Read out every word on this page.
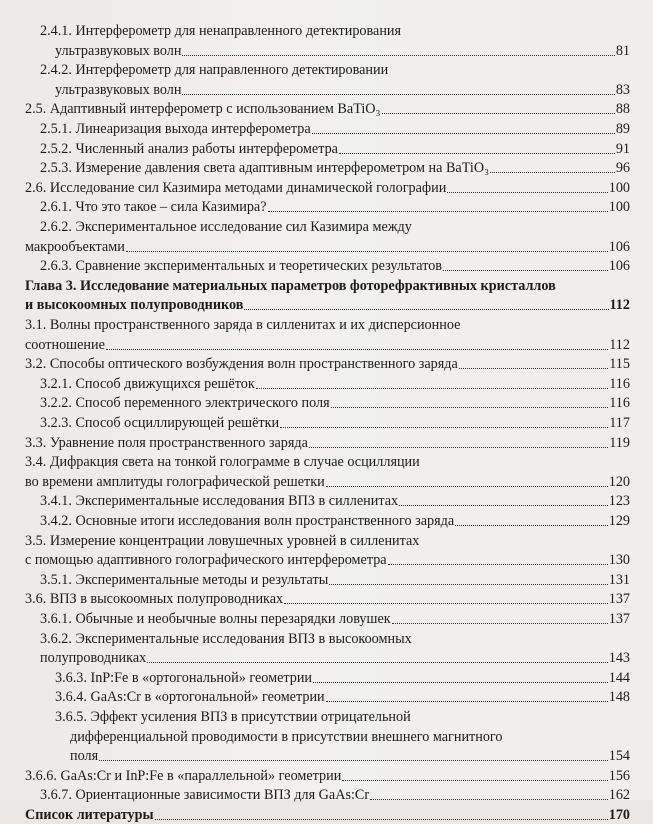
2.4.1. Интерферометр для ненаправленного детектирования
ультразвуковых волн	81
2.4.2. Интерферометр для направленного детектировании
ультразвуковых волн	83
2.5. Адаптивный интерферометр с использованием BaTiO₃	88
2.5.1. Линеаризация выхода интерферометра	89
2.5.2. Численный анализ работы интерферометра	91
2.5.3. Измерение давления света адаптивным интерферометром на BaTiO₃	96
2.6. Исследование сил Казимира методами динамической голографии	100
2.6.1. Что это такое – сила Казимира?	100
2.6.2. Экспериментальное исследование сил Казимира между
макрообъектами	106
2.6.3. Сравнение экспериментальных и теоретических результатов	106
Глава 3. Исследование материальных параметров фоторефрактивных кристаллов
и высокоомных полупроводников	112
3.1. Волны пространственного заряда в силленитах и их дисперсионное
соотношение	112
3.2. Способы оптического возбуждения волн пространственного заряда	115
3.2.1. Способ движущихся решёток	116
3.2.2. Способ переменного электрического поля	116
3.2.3. Способ осциллирующей решётки	117
3.3. Уравнение поля пространственного заряда	119
3.4. Дифракция света на тонкой голограмме в случае осцилляции
во времени амплитуды голографической решетки	120
3.4.1. Экспериментальные исследования ВПЗ в силленитах	123
3.4.2. Основные итоги исследования волн пространственного заряда	129
3.5. Измерение концентрации ловушечных уровней в силленитах
с помощью адаптивного голографического интерферометра	130
3.5.1. Экспериментальные методы и результаты	131
3.6. ВПЗ в высокоомных полупроводниках	137
3.6.1. Обычные и необычные волны перезарядки ловушек	137
3.6.2. Экспериментальные исследования ВПЗ в высокоомных
полупроводниках	143
3.6.3. InP:Fe в «ортогональной» геометрии	144
3.6.4. GaAs:Cr в «ортогональной» геометрии	148
3.6.5. Эффект усиления ВПЗ в присутствии отрицательной
дифференциальной проводимости в присутствии внешнего магнитного
поля	154
3.6.6. GaAs:Cr и InP:Fe в «параллельной» геометрии	156
3.6.7. Ориентационные зависимости ВПЗ для GaAs:Cr	162
Список литературы	170
